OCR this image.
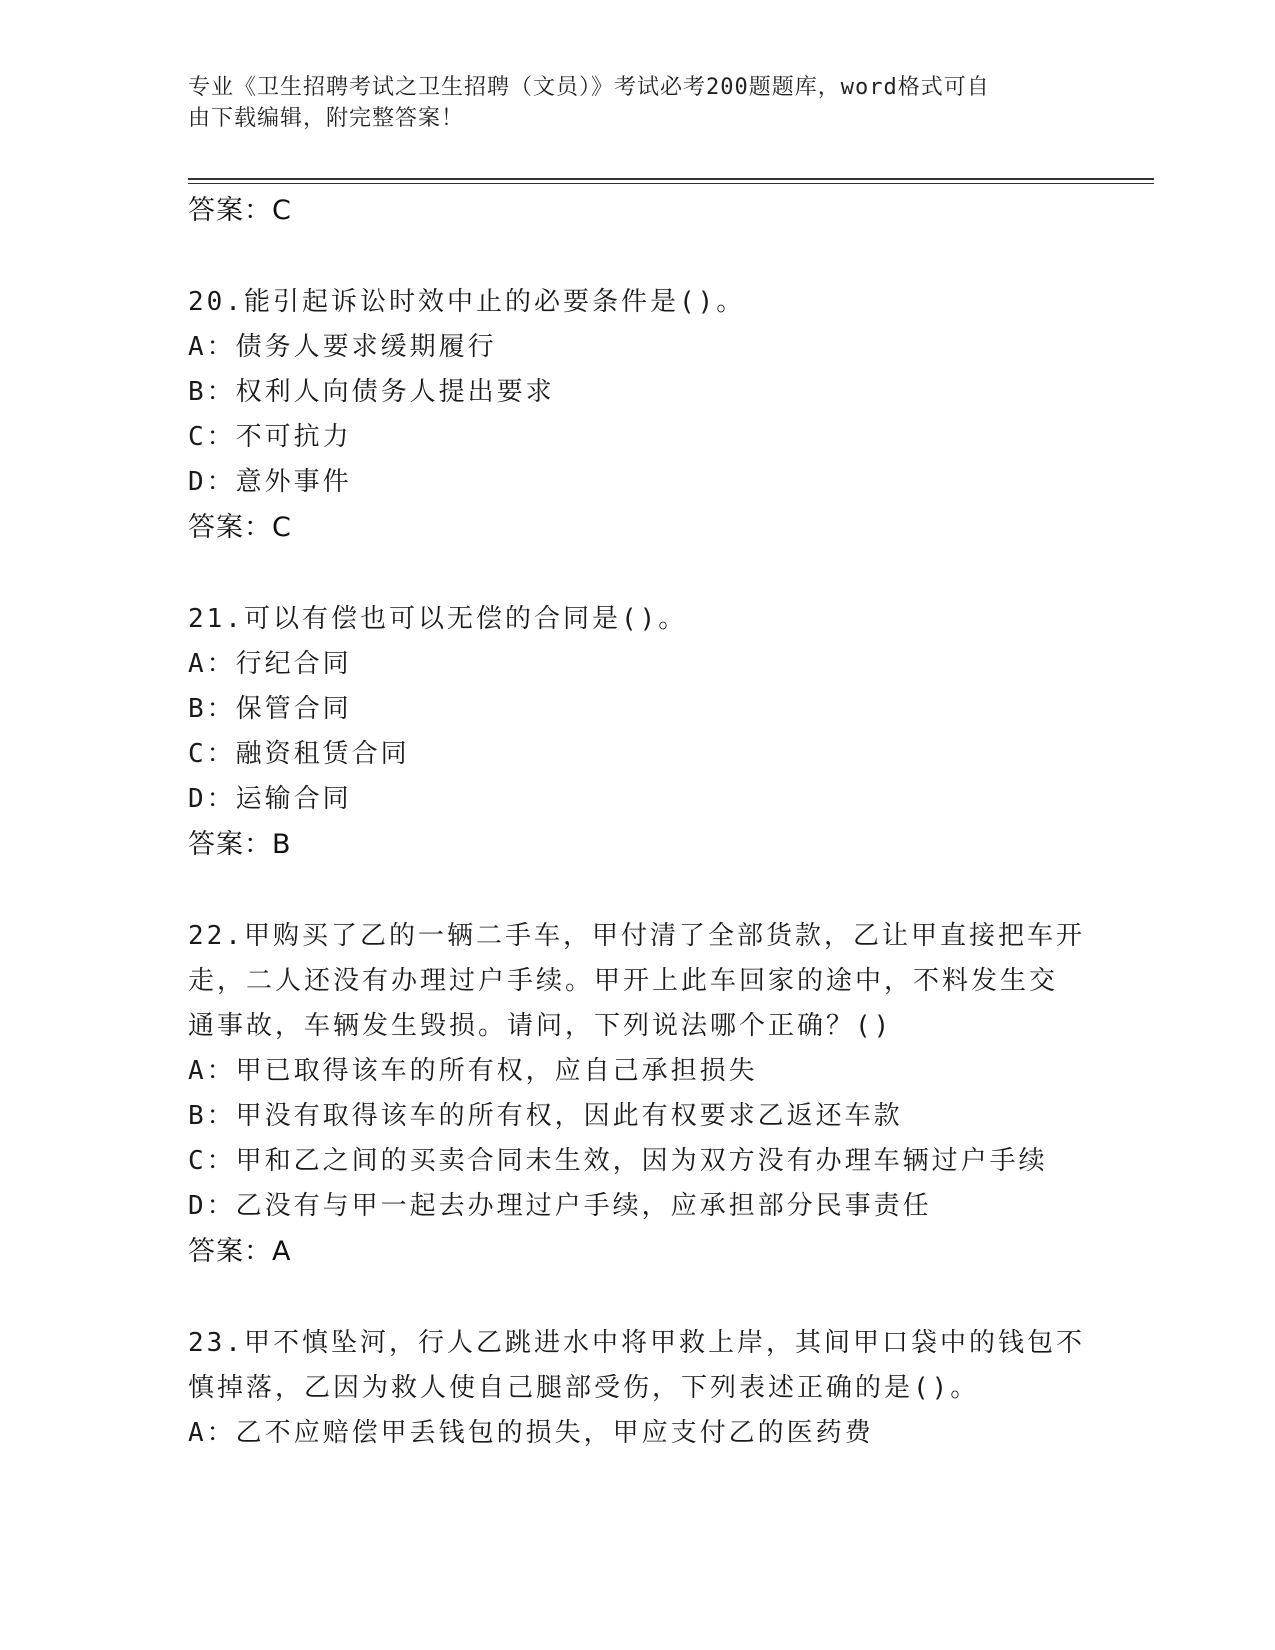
专业《卫生招聘考试之卫生招聘（文员）》考试必考200题题库，word格式可自
由下载编辑，附完整答案！
答案：C
20.能引起诉讼时效中止的必要条件是()。
A：债务人要求缓期履行
B：权利人向债务人提出要求
C：不可抗力
D：意外事件
答案：C
21.可以有偿也可以无偿的合同是()。
A：行纪合同
B：保管合同
C：融资租赁合同
D：运输合同
答案：B
22.甲购买了乙的一辆二手车，甲付清了全部货款，乙让甲直接把车开
走，二人还没有办理过户手续。甲开上此车回家的途中，不料发生交
通事故，车辆发生毁损。请问，下列说法哪个正确？()
A：甲已取得该车的所有权，应自己承担损失
B：甲没有取得该车的所有权，因此有权要求乙返还车款
C：甲和乙之间的买卖合同未生效，因为双方没有办理车辆过户手续
D：乙没有与甲一起去办理过户手续，应承担部分民事责任
答案：A
23.甲不慎坠河，行人乙跳进水中将甲救上岸，其间甲口袋中的钱包不
慎掉落，乙因为救人使自己腿部受伤，下列表述正确的是()。
A：乙不应赔偿甲丢钱包的损失，甲应支付乙的医药费
